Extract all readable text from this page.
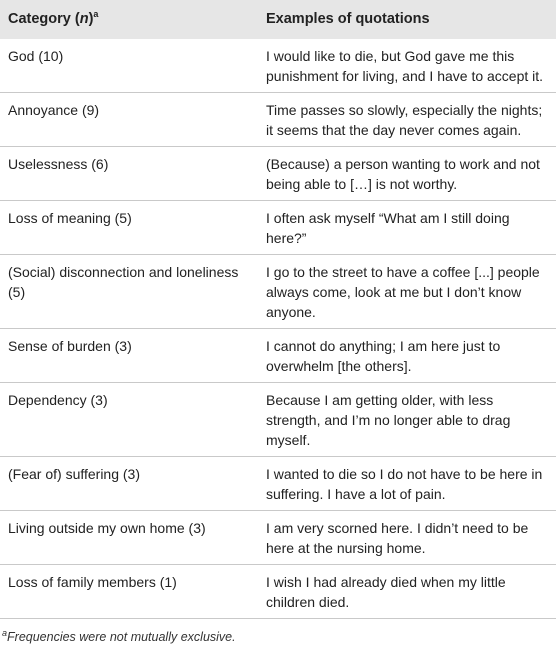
Category $(n)^a$	Examples of quotations
God (10)	I would like to die, but God gave me this punishment for living, and I have to accept it.
Annoyance (9)	Time passes so slowly, especially the nights; it seems that the day never comes again.
Uselessness (6)	(Because) a person wanting to work and not being able to […] is not worthy.
Loss of meaning (5)	I often ask myself “What am I still doing here?”
(Social) disconnection and loneliness (5)	I go to the street to have a coffee [...] people always come, look at me but I don’t know anyone.
Sense of burden (3)	I cannot do anything; I am here just to overwhelm [the others].
Dependency (3)	Because I am getting older, with less strength, and I’m no longer able to drag myself.
(Fear of) suffering (3)	I wanted to die so I do not have to be here in suffering. I have a lot of pain.
Living outside my own home (3)	I am very scorned here. I didn’t need to be here at the nursing home.
Loss of family members (1)	I wish I had already died when my little children died.
$^a$Frequencies were not mutually exclusive.
